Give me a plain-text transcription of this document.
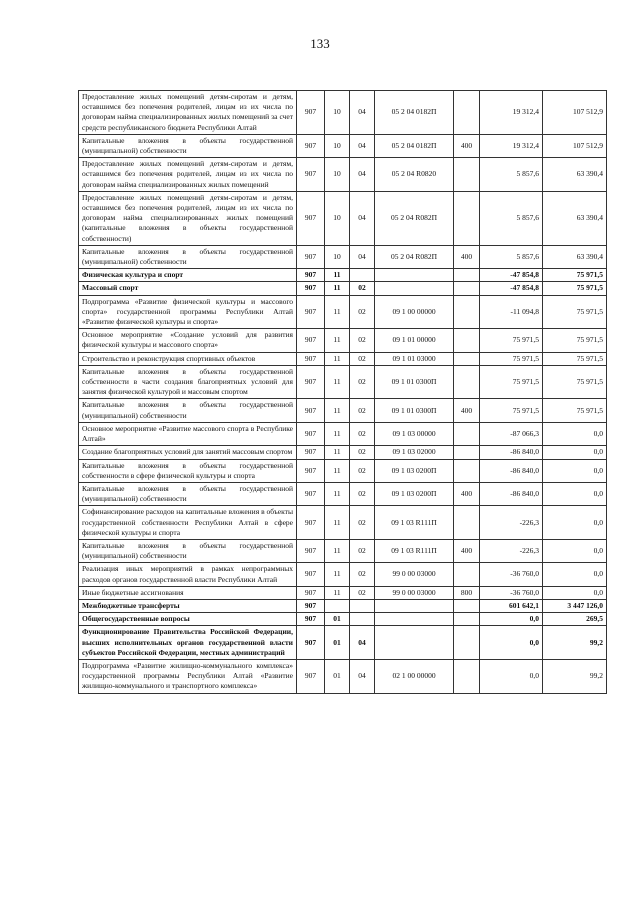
133
Предоставление жилых помещений детям-сиротам и детям, оставшимся без попечения родителей, лицам из их числа по договорам найма специализированных жилых помещений за счет средств республиканского бюджета Республики Алтай	907	10	04	05 2 04 0182П		19 312,4	107 512,9
Капитальные вложения в объекты государственной (муниципальной) собственности	907	10	04	05 2 04 0182П	400	19 312,4	107 512,9
Предоставление жилых помещений детям-сиротам и детям, оставшимся без попечения родителей, лицам из их числа по договорам найма специализированных жилых помещений	907	10	04	05 2 04 R0820		5 857,6	63 390,4
Предоставление жилых помещений детям-сиротам и детям, оставшимся без попечения родителей, лицам из их числа по договорам найма специализированных жилых помещений (капитальные вложения в объекты государственной собственности)	907	10	04	05 2 04 R082П		5 857,6	63 390,4
Капитальные вложения в объекты государственной (муниципальной) собственности	907	10	04	05 2 04 R082П	400	5 857,6	63 390,4
Физическая культура и спорт	907	11				-47 854,8	75 971,5
Массовый спорт	907	11	02			-47 854,8	75 971,5
Подпрограмма «Развитие физической культуры и массового спорта» государственной программы Республики Алтай «Развитие физической культуры и спорта»	907	11	02	09 1 00 00000		-11 094,8	75 971,5
Основное мероприятие «Создание условий для развития физической культуры и массового спорта»	907	11	02	09 1 01 00000		75 971,5	75 971,5
Строительство и реконструкция спортивных объектов	907	11	02	09 1 01 03000		75 971,5	75 971,5
Капитальные вложения в объекты государственной собственности в части создания благоприятных условий для занятия физической культурой и массовым спортом	907	11	02	09 1 01 0300П		75 971,5	75 971,5
Капитальные вложения в объекты государственной (муниципальной) собственности	907	11	02	09 1 01 0300П	400	75 971,5	75 971,5
Основное мероприятие «Развитие массового спорта в Республике Алтай»	907	11	02	09 1 03 00000		-87 066,3	0,0
Создание благоприятных условий для занятий массовым спортом	907	11	02	09 1 03 02000		-86 840,0	0,0
Капитальные вложения в объекты государственной собственности в сфере физической культуры и спорта	907	11	02	09 1 03 0200П		-86 840,0	0,0
Капитальные вложения в объекты государственной (муниципальной) собственности	907	11	02	09 1 03 0200П	400	-86 840,0	0,0
Софинансирование расходов на капитальные вложения в объекты государственной собственности Республики Алтай в сфере физической культуры и спорта	907	11	02	09 1 03 R111П		-226,3	0,0
Капитальные вложения в объекты государственной (муниципальной) собственности	907	11	02	09 1 03 R111П	400	-226,3	0,0
Реализация иных мероприятий в рамках непрограммных расходов органов государственной власти Республики Алтай	907	11	02	99 0 00 03000		-36 760,0	0,0
Иные бюджетные ассигнования	907	11	02	99 0 00 03000	800	-36 760,0	0,0
Межбюджетные трансферты	907					601 642,1	3 447 126,0
Общегосударственные вопросы	907	01				0,0	269,5
Функционирование Правительства Российской Федерации, высших исполнительных органов государственной власти субъектов Российской Федерации, местных администраций	907	01	04			0,0	99,2
Подпрограмма «Развитие жилищно-коммунального комплекса» государственной программы Республики Алтай «Развитие жилищно-коммунального и транспортного комплекса»	907	01	04	02 1 00 00000		0,0	99,2
